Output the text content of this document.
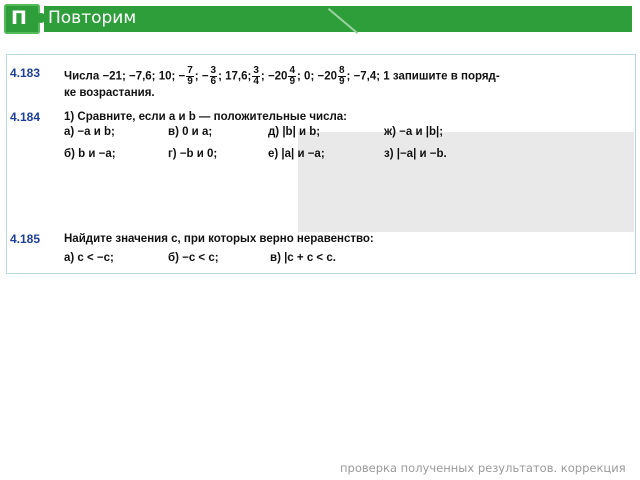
П	Повторим
4.183 Числа −21; −7,6; 10; − $\frac{7}{9}$ ; − $\frac{3}{6}$ ; 17,6; $\frac{3}{4}$ ; $-20 \frac{4}{9}$ ; 0; $-20 \frac{8}{9}$ ; −7,4; 1 запишите в поряд-
ке возрастания.
4.184 1) Сравните, если a и b — положительные числа:
а) −a и b;	в) 0 и a;	д) |b| и b;	ж) −a и |b|;
б) b и −a;	г) −b и 0;	е) |a| и −a;	з) |−a| и −b.
4.185 Найдите значения c, при которых верно неравенство:
а) c < −c;	б) −c < c;	в) |c + c < c.
проверка полученных результатов. коррекция
